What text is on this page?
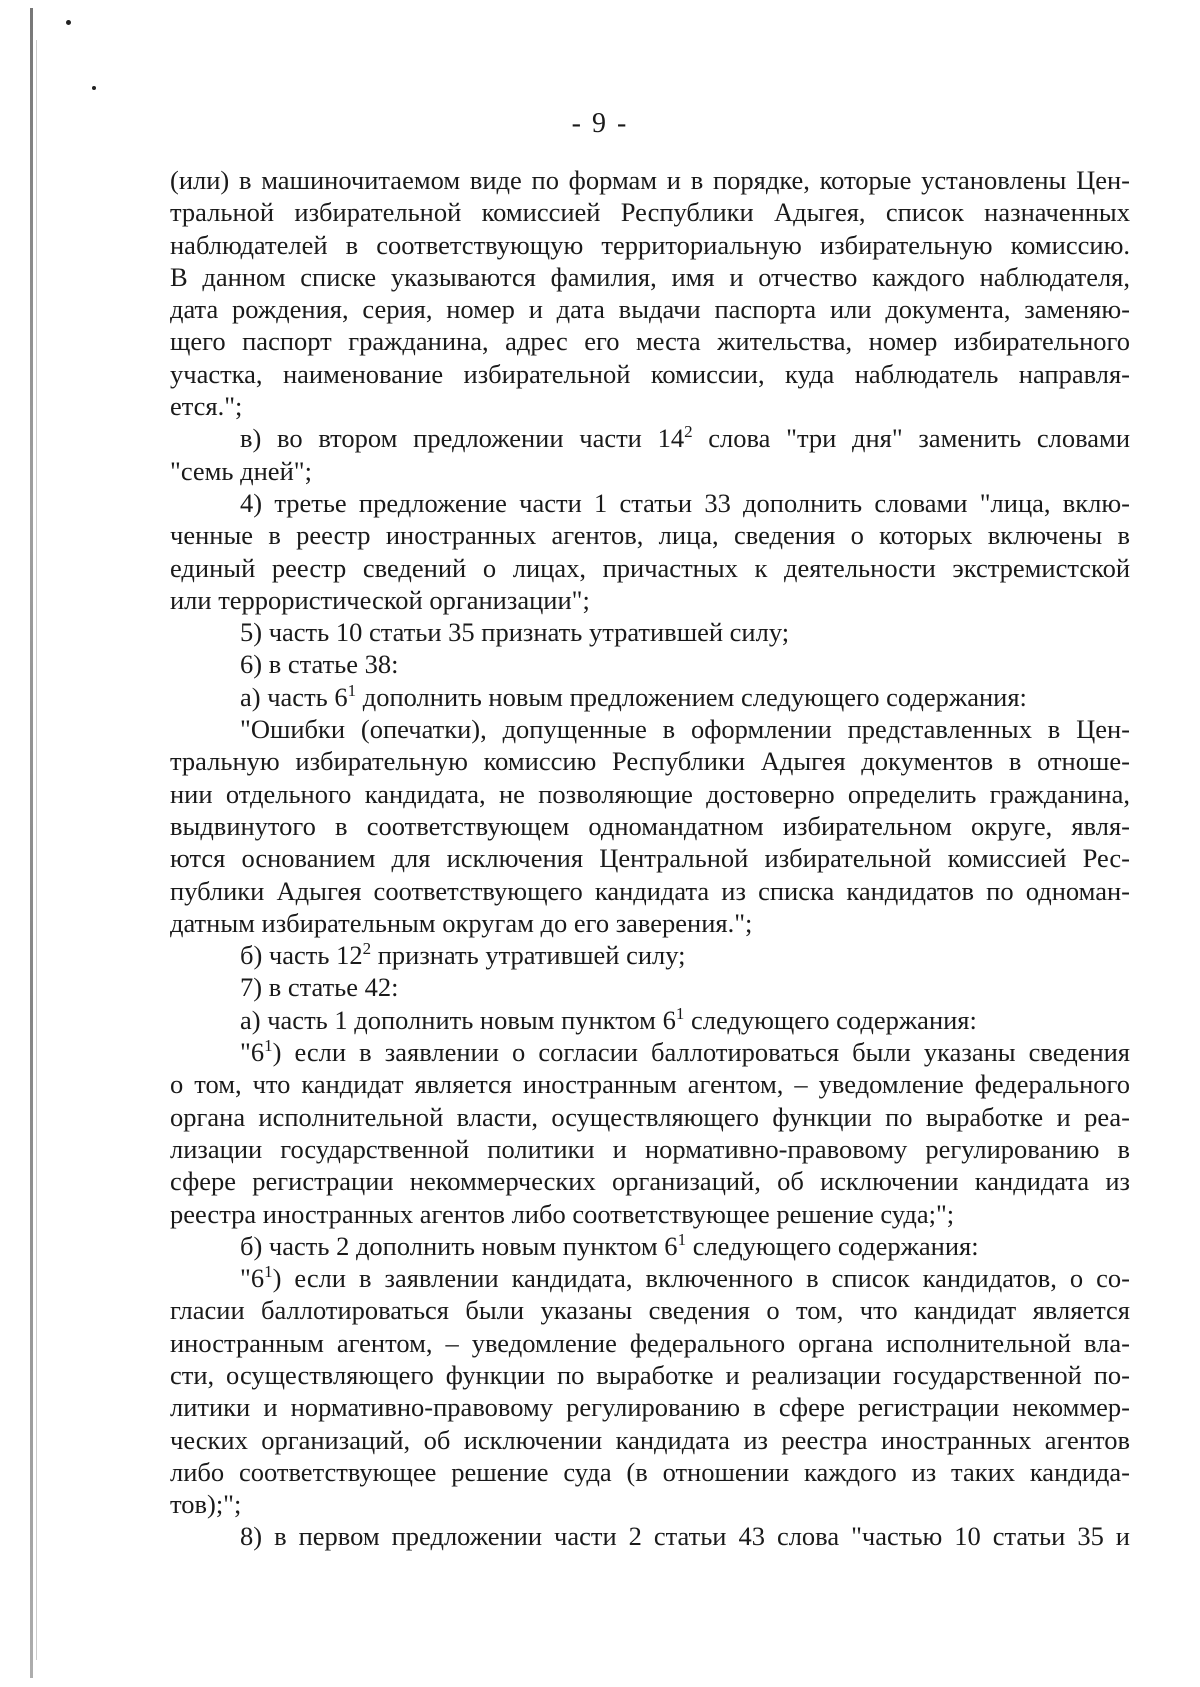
- 9 -
(или) в машиночитаемом виде по формам и в порядке, которые установлены Цен-
тральной избирательной комиссией Республики Адыгея, список назначенных
наблюдателей в соответствующую территориальную избирательную комиссию.
В данном списке указываются фамилия, имя и отчество каждого наблюдателя,
дата рождения, серия, номер и дата выдачи паспорта или документа, заменяю-
щего паспорт гражданина, адрес его места жительства, номер избирательного
участка, наименование избирательной комиссии, куда наблюдатель направля-
ется.";
в) во втором предложении части $14^2$ слова "три дня" заменить словами
"семь дней";
4) третье предложение части 1 статьи 33 дополнить словами "лица, вклю-
ченные в реестр иностранных агентов, лица, сведения о которых включены в
единый реестр сведений о лицах, причастных к деятельности экстремистской
или террористической организации";
5) часть 10 статьи 35 признать утратившей силу;
6) в статье 38:
а) часть $6^1$ дополнить новым предложением следующего содержания:
"Ошибки (опечатки), допущенные в оформлении представленных в Цен-
тральную избирательную комиссию Республики Адыгея документов в отноше-
нии отдельного кандидата, не позволяющие достоверно определить гражданина,
выдвинутого в соответствующем одномандатном избирательном округе, явля-
ются основанием для исключения Центральной избирательной комиссией Рес-
публики Адыгея соответствующего кандидата из списка кандидатов по одноман-
датным избирательным округам до его заверения.";
б) часть $12^2$ признать утратившей силу;
7) в статье 42:
а) часть 1 дополнить новым пунктом $6^1$ следующего содержания:
"$6^1$) если в заявлении о согласии баллотироваться были указаны сведения
о том, что кандидат является иностранным агентом, – уведомление федерального
органа исполнительной власти, осуществляющего функции по выработке и реа-
лизации государственной политики и нормативно-правовому регулированию в
сфере регистрации некоммерческих организаций, об исключении кандидата из
реестра иностранных агентов либо соответствующее решение суда;";
б) часть 2 дополнить новым пунктом $6^1$ следующего содержания:
"$6^1$) если в заявлении кандидата, включенного в список кандидатов, о со-
гласии баллотироваться были указаны сведения о том, что кандидат является
иностранным агентом, – уведомление федерального органа исполнительной вла-
сти, осуществляющего функции по выработке и реализации государственной по-
литики и нормативно-правовому регулированию в сфере регистрации некоммер-
ческих организаций, об исключении кандидата из реестра иностранных агентов
либо соответствующее решение суда (в отношении каждого из таких кандида-
тов);";
8) в первом предложении части 2 статьи 43 слова "частью 10 статьи 35 и
